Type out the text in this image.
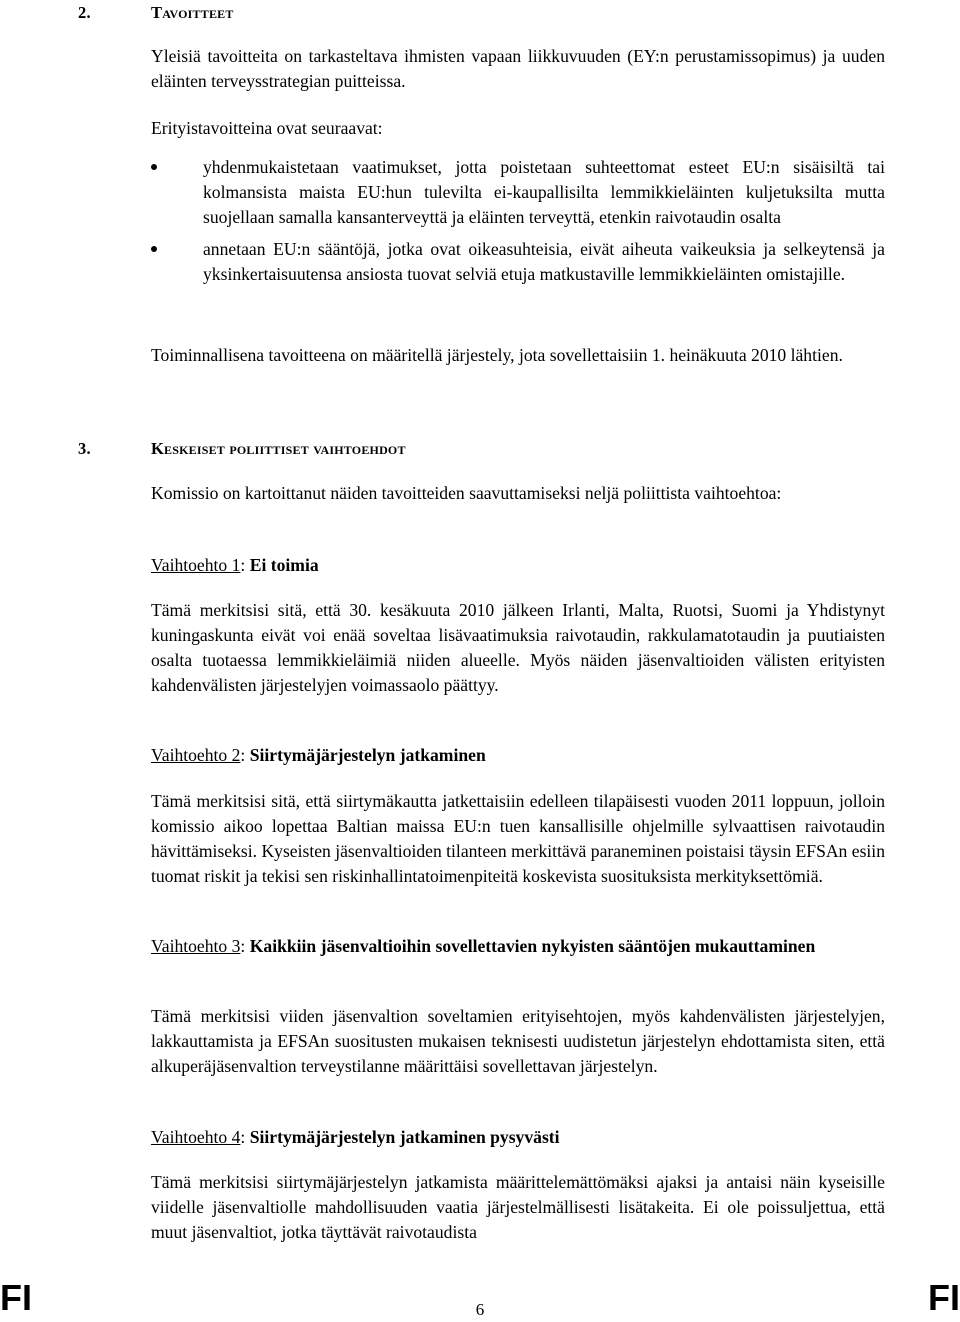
2.	Tavoitteet

Yleisiä tavoitteita on tarkasteltava ihmisten vapaan liikkuvuuden (EY:n perustamissopimus) ja uuden eläinten terveysstrategian puitteissa.

Erityistavoitteina ovat seuraavat:

yhdenmukaistetaan vaatimukset, jotta poistetaan suhteettomat esteet EU:n sisäisiltä tai kolmansista maista EU:hun tulevilta ei-kaupallisilta lemmikkieläinten kuljetuksilta mutta suojellaan samalla kansanterveyttä ja eläinten terveyttä, etenkin raivotaudin osalta
annetaan EU:n sääntöjä, jotka ovat oikeasuhteisia, eivät aiheuta vaikeuksia ja selkeytensä ja yksinkertaisuutensa ansiosta tuovat selviä etuja matkustaville lemmikkieläinten omistajille.

Toiminnallisena tavoitteena on määritellä järjestely, jota sovellettaisiin 1. heinäkuuta 2010 lähtien.

3.	Keskeiset poliittiset vaihtoehdot

Komissio on kartoittanut näiden tavoitteiden saavuttamiseksi neljä poliittista vaihtoehtoa:

Vaihtoehto 1: Ei toimia

Tämä merkitsisi sitä, että 30. kesäkuuta 2010 jälkeen Irlanti, Malta, Ruotsi, Suomi ja Yhdistynyt kuningaskunta eivät voi enää soveltaa lisävaatimuksia raivotaudin, rakkulamatotaudin ja puutiaisten osalta tuotaessa lemmikkieläimiä niiden alueelle. Myös näiden jäsenvaltioiden välisten erityisten kahdenvälisten järjestelyjen voimassaolo päättyy.

Vaihtoehto 2: Siirtymäjärjestelyn jatkaminen

Tämä merkitsisi sitä, että siirtymäkautta jatkettaisiin edelleen tilapäisesti vuoden 2011 loppuun, jolloin komissio aikoo lopettaa Baltian maissa EU:n tuen kansallisille ohjelmille sylvaattisen raivotaudin hävittämiseksi. Kyseisten jäsenvaltioiden tilanteen merkittävä paraneminen poistaisi täysin EFSAn esiin tuomat riskit ja tekisi sen riskinhallintatoimenpiteitä koskevista suosituksista merkityksettömiä.

Vaihtoehto 3: Kaikkiin jäsenvaltioihin sovellettavien nykyisten sääntöjen mukauttaminen

Tämä merkitsisi viiden jäsenvaltion soveltamien erityisehtojen, myös kahdenvälisten järjestelyjen, lakkauttamista ja EFSAn suositusten mukaisen teknisesti uudistetun järjestelyn ehdottamista siten, että alkuperäjäsenvaltion terveystilanne määrittäisi sovellettavan järjestelyn.

Vaihtoehto 4: Siirtymäjärjestelyn jatkaminen pysyvästi

Tämä merkitsisi siirtymäjärjestelyn jatkamista määrittelemättömäksi ajaksi ja antaisi näin kyseisille viidelle jäsenvaltiolle mahdollisuuden vaatia järjestelmällisesti lisätakeita. Ei ole poissuljettua, että muut jäsenvaltiot, jotka täyttävät raivotaudista

FI	6	FI
